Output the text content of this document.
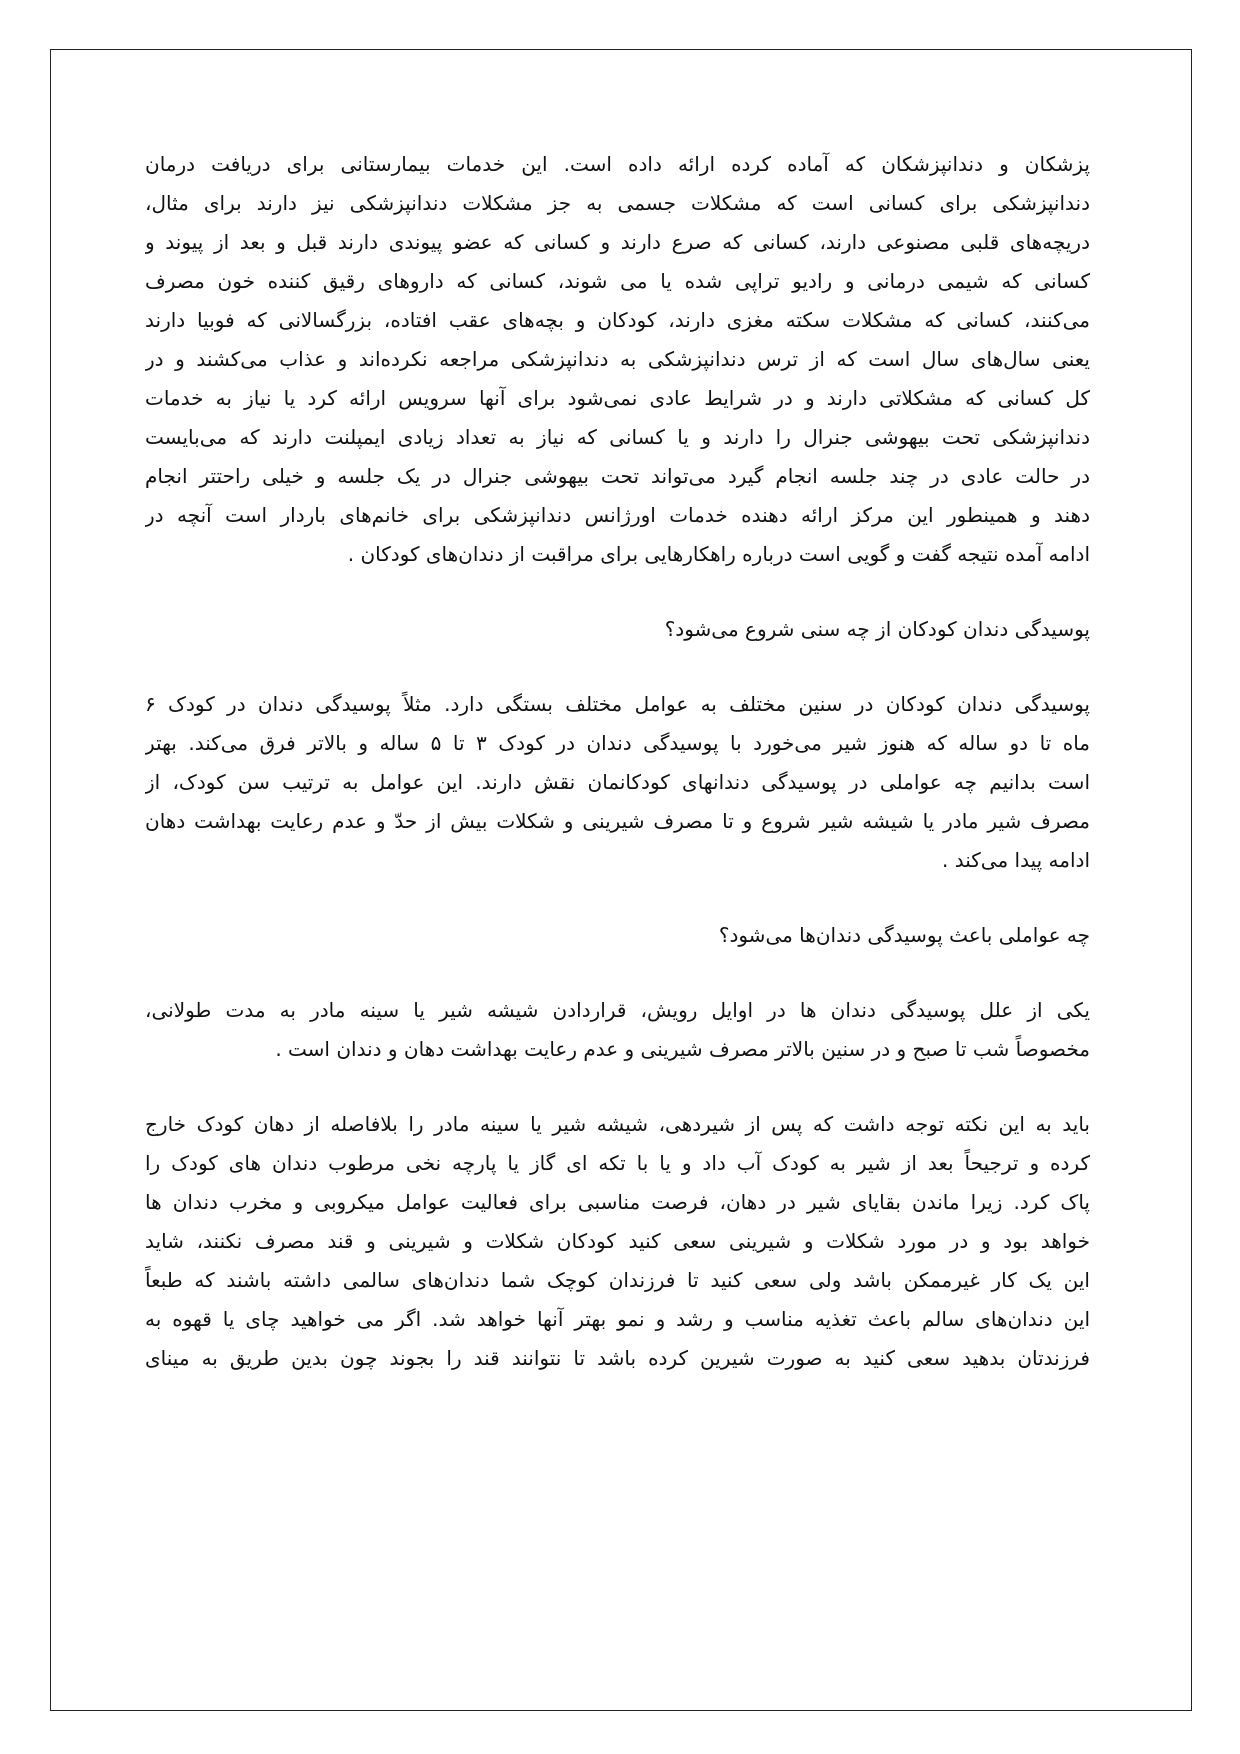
پزشکان و دندانپزشکان که آماده کرده ارائه داده است. این خدمات بیمارستانی برای دریافت درمان
دندانپزشکی برای کسانی است که مشکلات جسمی به جز مشکلات دندانپزشکی نیز دارند برای مثال،
دریچه‌های قلبی مصنوعی دارند، کسانی که صرع دارند و کسانی که عضو پیوندی دارند قبل و بعد از پیوند و
کسانی که شیمی درمانی و رادیو تراپی شده یا می شوند، کسانی که داروهای رقیق کننده خون مصرف
می‌کنند، کسانی که مشکلات سکته مغزی دارند، کودکان و بچه‌های عقب افتاده، بزرگسالانی که فوبیا دارند
یعنی سال‌های سال است که از ترس دندانپزشکی به دندانپزشکی مراجعه نکرده‌اند و عذاب می‌کشند و در
کل کسانی که مشکلاتی دارند و در شرایط عادی نمی‌شود برای آنها سرویس ارائه کرد یا نیاز به خدمات
دندانپزشکی تحت بیهوشی جنرال را دارند و یا کسانی که نیاز به تعداد زیادی ایمپلنت دارند که می‌بایست
در حالت عادی در چند جلسه انجام گیرد می‌تواند تحت بیهوشی جنرال در یک جلسه و خیلی راحتتر انجام
دهند و همینطور این مرکز ارائه دهنده خدمات اورژانس دندانپزشکی برای خانم‌های باردار است آنچه در
ادامه آمده نتیجه گفت و گویی است درباره راهکارهایی برای مراقبت از دندان‌های کودکان .
پوسیدگی دندان کودکان از چه سنی شروع می‌شود؟
پوسیدگی دندان کودکان در سنین مختلف به عوامل مختلف بستگی دارد. مثلاً پوسیدگی دندان در کودک ۶
ماه تا دو ساله که هنوز شیر می‌خورد با پوسیدگی دندان در کودک ۳ تا ۵ ساله و بالاتر فرق می‌کند. بهتر
است بدانیم چه عواملی در پوسیدگی دندانهای کودکانمان نقش دارند. این عوامل به ترتیب سن کودک، از
مصرف شیر مادر یا شیشه شیر شروع و تا مصرف شیرینی و شکلات بیش از حدّ و عدم رعایت بهداشت دهان
ادامه پیدا می‌کند .
چه عواملی باعث پوسیدگی دندان‌ها می‌شود؟
یکی از علل پوسیدگی دندان ها در اوایل رویش، قراردادن شیشه شیر یا سینه مادر به مدت طولانی،
مخصوصاً شب تا صبح و در سنین بالاتر مصرف شیرینی و عدم رعایت بهداشت دهان و دندان است .
باید به این نکته توجه داشت که پس از شیردهی، شیشه شیر یا سینه مادر را بلافاصله از دهان کودک خارج
کرده و ترجیحاً بعد از شیر به کودک آب داد و یا با تکه ای گاز یا پارچه نخی مرطوب دندان های کودک را
پاک کرد. زیرا ماندن بقایای شیر در دهان، فرصت مناسبی برای فعالیت عوامل میکروبی و مخرب دندان ها
خواهد بود و در مورد شکلات و شیرینی سعی کنید کودکان شکلات و شیرینی و قند مصرف نکنند، شاید
این یک کار غیرممکن باشد ولی سعی کنید تا فرزندان کوچک شما دندان‌های سالمی داشته باشند که طبعاً
این دندان‌های سالم باعث تغذیه مناسب و رشد و نمو بهتر آنها خواهد شد. اگر می خواهید چای یا قهوه به
فرزندتان بدهید سعی کنید به صورت شیرین کرده باشد تا نتوانند قند را بجوند چون بدین طریق به مینای
